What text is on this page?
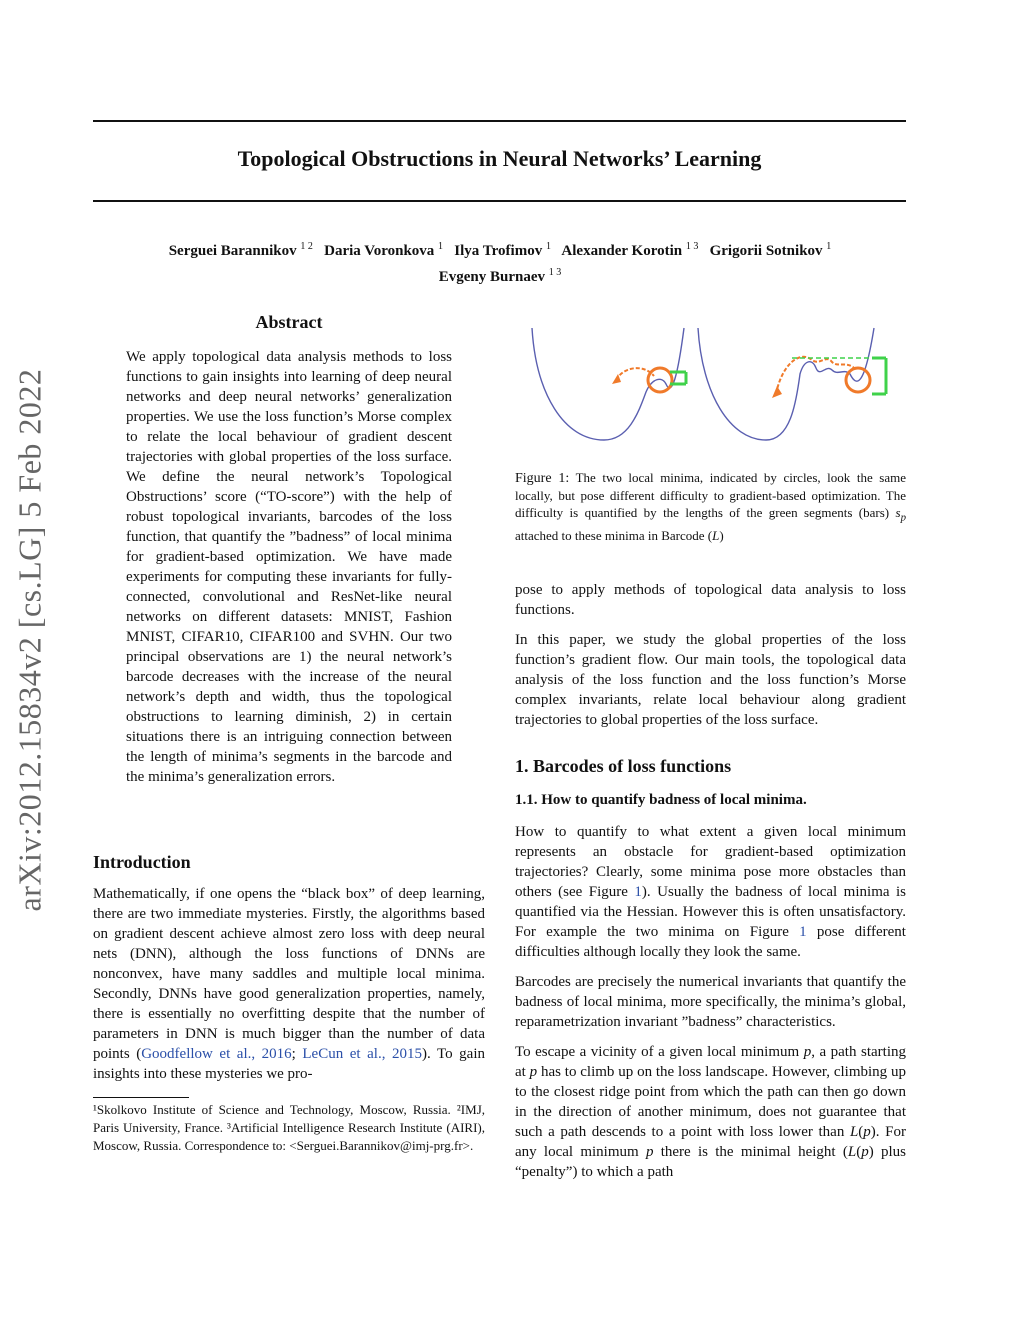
Topological Obstructions in Neural Networks’ Learning
arXiv:2012.15834v2 [cs.LG] 5 Feb 2022
Serguei Barannikov $^{1 2}$ Daria Voronkova $^1$ Ilya Trofimov $^1$ Alexander Korotin $^{1 3}$ Grigorii Sotnikov $^1$
Evgeny Burnaev $^{1 3}$
Abstract
We apply topological data analysis methods to loss functions to gain insights into learning of deep neural networks and deep neural networks’ generalization properties. We use the loss function’s Morse complex to relate the local behaviour of gradient descent trajectories with global properties of the loss surface. We define the neural network’s Topological Obstructions’ score (“TO-score”) with the help of robust topological invariants, barcodes of the loss function, that quantify the ”badness” of local minima for gradient-based optimization. We have made experiments for computing these invariants for fully-connected, convolutional and ResNet-like neural networks on different datasets: MNIST, Fashion MNIST, CIFAR10, CIFAR100 and SVHN. Our two principal observations are 1) the neural network’s barcode decreases with the increase of the neural network’s depth and width, thus the topological obstructions to learning diminish, 2) in certain situations there is an intriguing connection between the length of minima’s segments in the barcode and the minima’s generalization errors.
Introduction

Mathematically, if one opens the “black box” of deep learning, there are two immediate mysteries. Firstly, the algorithms based on gradient descent achieve almost zero loss with deep neural nets (DNN), although the loss functions of DNNs are nonconvex, have many saddles and multiple local minima. Secondly, DNNs have good generalization properties, namely, there is essentially no overfitting despite that the number of parameters in DNN is much bigger than the number of data points (Goodfellow et al., 2016; LeCun et al., 2015). To gain insights into these mysteries we pro-

¹Skolkovo Institute of Science and Technology, Moscow, Russia. ²IMJ, Paris University, France. ³Artificial Intelligence Research Institute (AIRI), Moscow, Russia. Correspondence to: <Serguei.Barannikov@imj-prg.fr>.
Figure 1: The two local minima, indicated by circles, look the same locally, but pose different difficulty to gradient-based optimization. The difficulty is quantified by the lengths of the green segments (bars) $s_p$ attached to these minima in Barcode (L)

pose to apply methods of topological data analysis to loss functions.

In this paper, we study the global properties of the loss function’s gradient flow. Our main tools, the topological data analysis of the loss function and the loss function’s Morse complex invariants, relate local behaviour along gradient trajectories to global properties of the loss surface.

1. Barcodes of loss functions
1.1. How to quantify badness of local minima.

How to quantify to what extent a given local minimum represents an obstacle for gradient-based optimization trajectories? Clearly, some minima pose more obstacles than others (see Figure 1). Usually the badness of local minima is quantified via the Hessian. However this is often unsatisfactory. For example the two minima on Figure 1 pose different difficulties although locally they look the same.

Barcodes are precisely the numerical invariants that quantify the badness of local minima, more specifically, the minima’s global, reparametrization invariant ”badness” characteristics.

To escape a vicinity of a given local minimum p, a path starting at p has to climb up on the loss landscape. However, climbing up to the closest ridge point from which the path can then go down in the direction of another minimum, does not guarantee that such a path descends to a point with loss lower than L(p). For any local minimum p there is the minimal height (L(p) plus “penalty”) to which a path
